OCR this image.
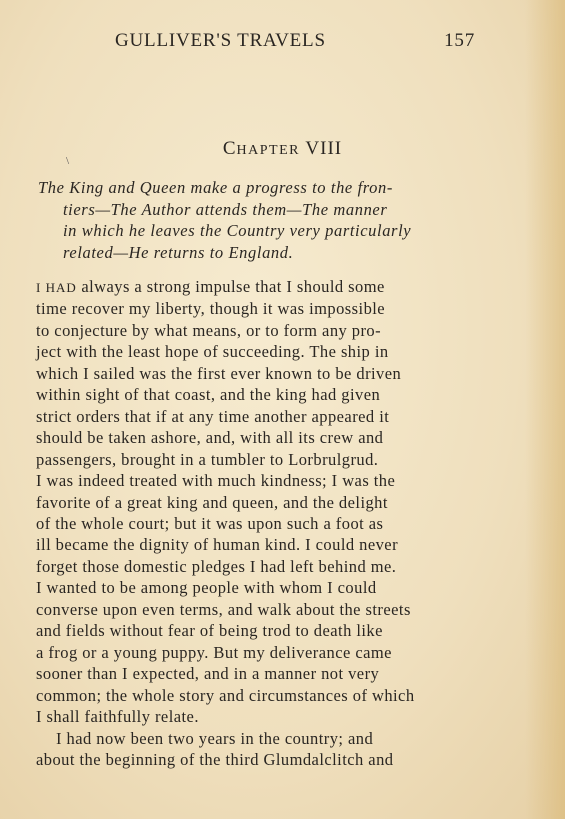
GULLIVER'S TRAVELS	157
CHAPTER VIII
\
The King and Queen make a progress to the fron-
tiers—The Author attends them—The manner
in which he leaves the Country very particularly
related—He returns to England.
I HAD always a strong impulse that I should some
time recover my liberty, though it was impossible
to conjecture by what means, or to form any pro-
ject with the least hope of succeeding. The ship in
which I sailed was the first ever known to be driven
within sight of that coast, and the king had given
strict orders that if at any time another appeared it
should be taken ashore, and, with all its crew and
passengers, brought in a tumbler to Lorbrulgrud.
I was indeed treated with much kindness; I was the
favorite of a great king and queen, and the delight
of the whole court; but it was upon such a foot as
ill became the dignity of human kind. I could never
forget those domestic pledges I had left behind me.
I wanted to be among people with whom I could
converse upon even terms, and walk about the streets
and fields without fear of being trod to death like
a frog or a young puppy. But my deliverance came
sooner than I expected, and in a manner not very
common; the whole story and circumstances of which
I shall faithfully relate.
I had now been two years in the country; and
about the beginning of the third Glumdalclitch and
